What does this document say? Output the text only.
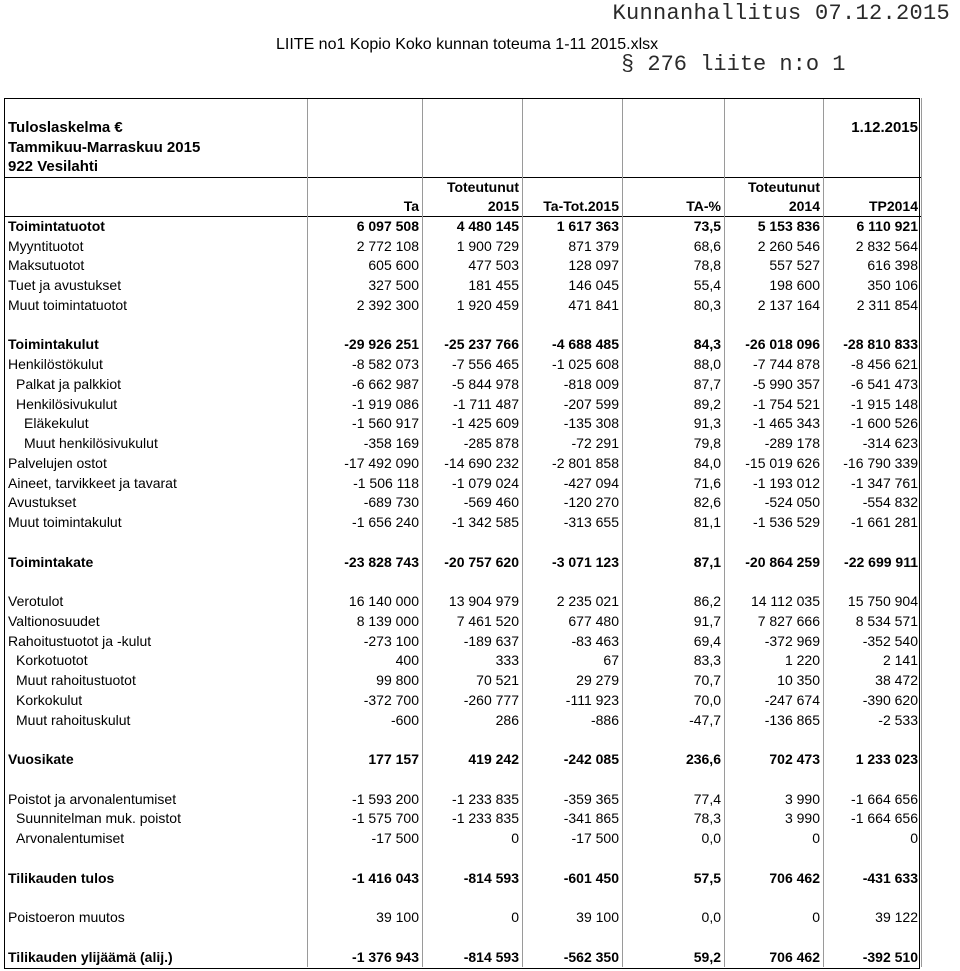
Kunnanhallitus 07.12.2015
LIITE no1 Kopio Koko kunnan toteuma 1-11 2015.xlsx
§ 276 liite n:o 1

Tuloslaskelma €						1.12.2015
Tammikuu-Marraskuu 2015						
922 Vesilahti						
		Toteutunut			Toteutunut	
	Ta	2015	Ta-Tot.2015	TA-%	2014	TP2014
Toimintatuotot	6 097 508	4 480 145	1 617 363	73,5	5 153 836	6 110 921
Myyntituotot	2 772 108	1 900 729	871 379	68,6	2 260 546	2 832 564
Maksutuotot	605 600	477 503	128 097	78,8	557 527	616 398
Tuet ja avustukset	327 500	181 455	146 045	55,4	198 600	350 106
Muut toimintatuotot	2 392 300	1 920 459	471 841	80,3	2 137 164	2 311 854

Toimintakulut	-29 926 251	-25 237 766	-4 688 485	84,3	-26 018 096	-28 810 833
Henkilöstökulut	-8 582 073	-7 556 465	-1 025 608	88,0	-7 744 878	-8 456 621
Palkat ja palkkiot	-6 662 987	-5 844 978	-818 009	87,7	-5 990 357	-6 541 473
Henkilösivukulut	-1 919 086	-1 711 487	-207 599	89,2	-1 754 521	-1 915 148
Eläkekulut	-1 560 917	-1 425 609	-135 308	91,3	-1 465 343	-1 600 526
Muut henkilösivukulut	-358 169	-285 878	-72 291	79,8	-289 178	-314 623
Palvelujen ostot	-17 492 090	-14 690 232	-2 801 858	84,0	-15 019 626	-16 790 339
Aineet, tarvikkeet ja tavarat	-1 506 118	-1 079 024	-427 094	71,6	-1 193 012	-1 347 761
Avustukset	-689 730	-569 460	-120 270	82,6	-524 050	-554 832
Muut toimintakulut	-1 656 240	-1 342 585	-313 655	81,1	-1 536 529	-1 661 281

Toimintakate	-23 828 743	-20 757 620	-3 071 123	87,1	-20 864 259	-22 699 911

Verotulot	16 140 000	13 904 979	2 235 021	86,2	14 112 035	15 750 904
Valtionosuudet	8 139 000	7 461 520	677 480	91,7	7 827 666	8 534 571
Rahoitustuotot ja -kulut	-273 100	-189 637	-83 463	69,4	-372 969	-352 540
Korkotuotot	400	333	67	83,3	1 220	2 141
Muut rahoitustuotot	99 800	70 521	29 279	70,7	10 350	38 472
Korkokulut	-372 700	-260 777	-111 923	70,0	-247 674	-390 620
Muut rahoituskulut	-600	286	-886	-47,7	-136 865	-2 533

Vuosikate	177 157	419 242	-242 085	236,6	702 473	1 233 023

Poistot ja arvonalentumiset	-1 593 200	-1 233 835	-359 365	77,4	3 990	-1 664 656
Suunnitelman muk. poistot	-1 575 700	-1 233 835	-341 865	78,3	3 990	-1 664 656
Arvonalentumiset	-17 500	0	-17 500	0,0	0	0

Tilikauden tulos	-1 416 043	-814 593	-601 450	57,5	706 462	-431 633

Poistoeron muutos	39 100	0	39 100	0,0	0	39 122

Tilikauden ylijäämä (alij.)	-1 376 943	-814 593	-562 350	59,2	706 462	-392 510
